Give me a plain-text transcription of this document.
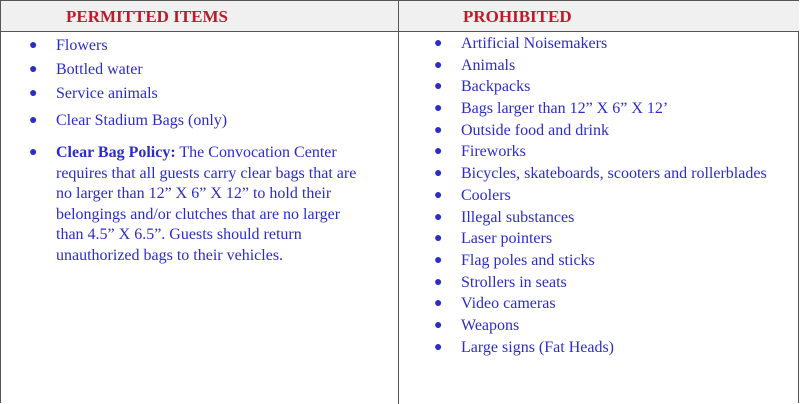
PERMITTED ITEMS	PROHIBITED
● Flowers
● Bottled water
● Service animals
● Clear Stadium Bags (only)
● Clear Bag Policy: The Convocation Center
requires that all guests carry clear bags that are
no larger than 12” X 6” X 12” to hold their
belongings and/or clutches that are no larger
than 4.5” X 6.5”. Guests should return
unauthorized bags to their vehicles.
● Artificial Noisemakers
● Animals
● Backpacks
● Bags larger than 12” X 6” X 12’
● Outside food and drink
● Fireworks
● Bicycles, skateboards, scooters and rollerblades
● Coolers
● Illegal substances
● Laser pointers
● Flag poles and sticks
● Strollers in seats
● Video cameras
● Weapons
● Large signs (Fat Heads)
